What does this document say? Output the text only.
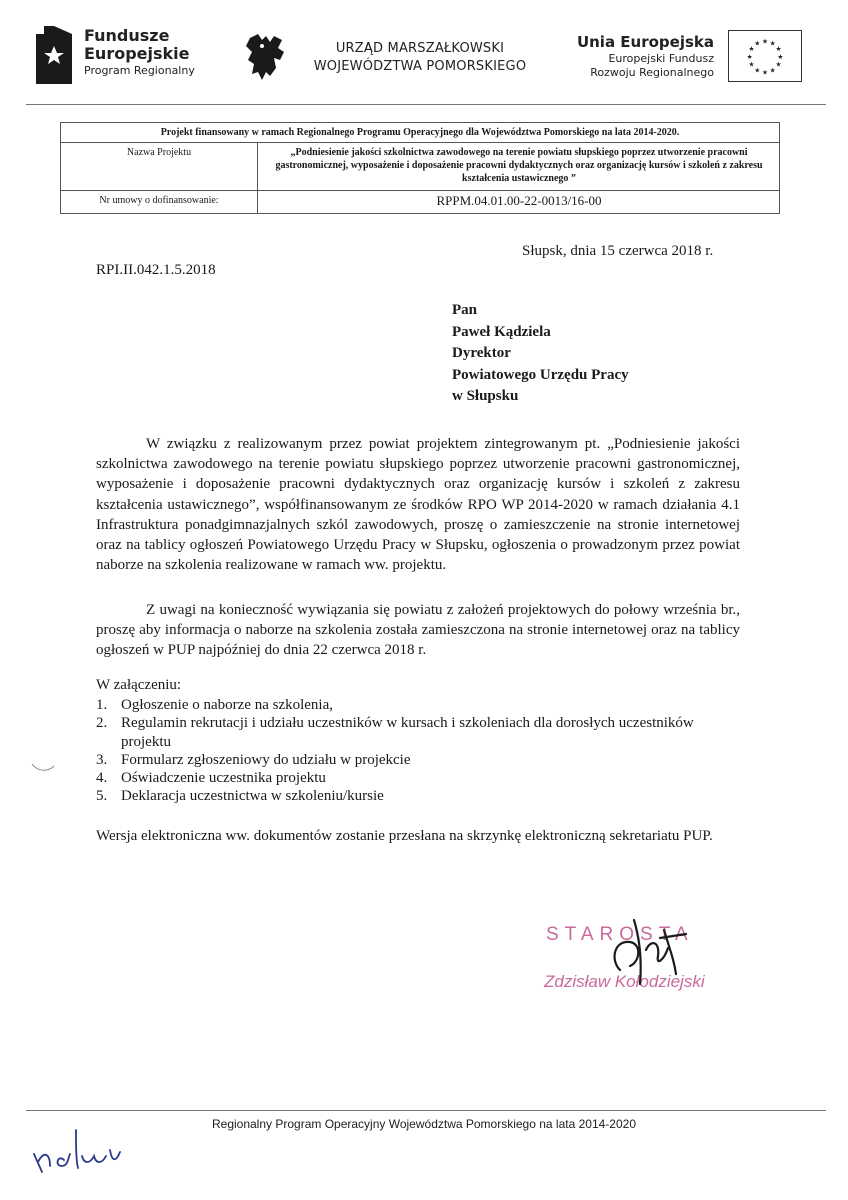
Fundusze
Europejskie
Program Regionalny
URZĄD MARSZAŁKOWSKI
WOJEWÓDZTWA POMORSKIEGO
Unia Europejska
Europejski Fundusz
Rozwoju Regionalnego
★ ★
★
★
★
★
★
★
★
★
★
★
Projekt finansowany w ramach Regionalnego Programu Operacyjnego dla Województwa Pomorskiego na lata 2014-2020.
Nazwa Projektu	„Podniesienie jakości szkolnictwa zawodowego na terenie powiatu słupskiego poprzez utworzenie pracowni gastronomicznej, wyposażenie i doposażenie pracowni dydaktycznych oraz organizację kursów i szkoleń z zakresu kształcenia ustawicznego ”
Nr umowy o dofinansowanie:	RPPM.04.01.00-22-0013/16-00
Słupsk, dnia 15 czerwca 2018 r.
RPI.II.042.1.5.2018
Pan
Paweł Kądziela
Dyrektor
Powiatowego Urzędu Pracy
w Słupsku
W związku z realizowanym przez powiat projektem zintegrowanym pt. „Podniesienie jakości szkolnictwa zawodowego na terenie powiatu słupskiego poprzez utworzenie pracowni gastronomicznej, wyposażenie i doposażenie pracowni dydaktycznych oraz organizację kursów i szkoleń z zakresu kształcenia ustawicznego”, współfinansowanym ze środków RPO WP 2014-2020 w ramach działania 4.1 Infrastruktura ponadgimnazjalnych szkól zawodowych, proszę o zamieszczenie na stronie internetowej oraz na tablicy ogłoszeń Powiatowego Urzędu Pracy w Słupsku, ogłoszenia o prowadzonym przez powiat naborze na szkolenia realizowane w ramach ww. projektu.
Z uwagi na konieczność wywiązania się powiatu z założeń projektowych do połowy września br., proszę aby informacja o naborze na szkolenia została zamieszczona na stronie internetowej oraz na tablicy ogłoszeń w PUP najpóźniej do dnia 22 czerwca 2018 r.
W załączeniu:
1. Ogłoszenie o naborze na szkolenia,
2. Regulamin rekrutacji i udziału uczestników w kursach i szkoleniach dla dorosłych uczestników projektu
3. Formularz zgłoszeniowy do udziału w projekcie
4. Oświadczenie uczestnika projektu
5. Deklaracja uczestnictwa w szkoleniu/kursie
Wersja elektroniczna ww. dokumentów zostanie przesłana na skrzynkę elektroniczną sekretariatu PUP.
STAROSTA
Zdzisław Kołodziejski
Regionalny Program Operacyjny Województwa Pomorskiego na lata 2014-2020
